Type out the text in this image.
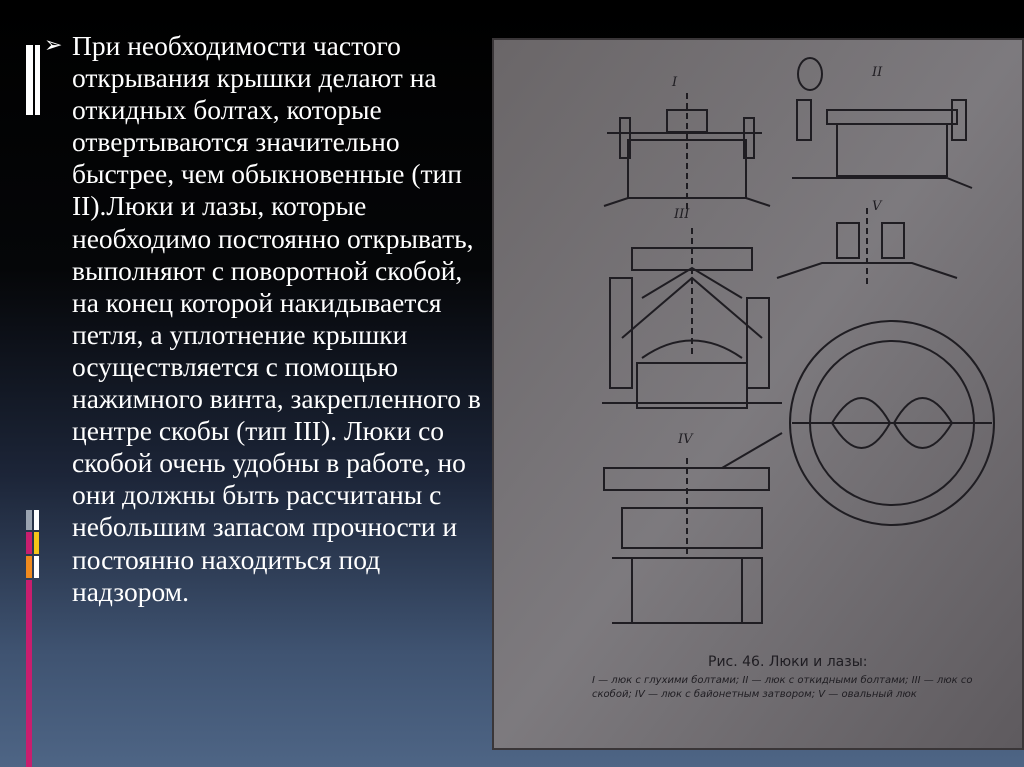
➢ При необходимости частого открывания крышки делают на откидных болтах, которые отвертываются значительно быстрее, чем обыкновенные (тип II).Люки и лазы, которые необходимо постоянно открывать, выполняют с поворотной скобой, на конец которой накидывается петля, а уплотнение крышки осуществляется с помощью нажимного винта, закрепленного в центре скобы (тип III). Люки со скобой очень удобны в работе, но они должны быть рассчитаны с небольшим запасом прочности и постоянно находиться под надзором.
I
II
III
IV
V
Рис. 46. Люки и лазы:
I — люк с глухими болтами; II — люк с откидными болтами; III — люк со скобой; IV — люк с байонетным затвором; V — овальный люк
